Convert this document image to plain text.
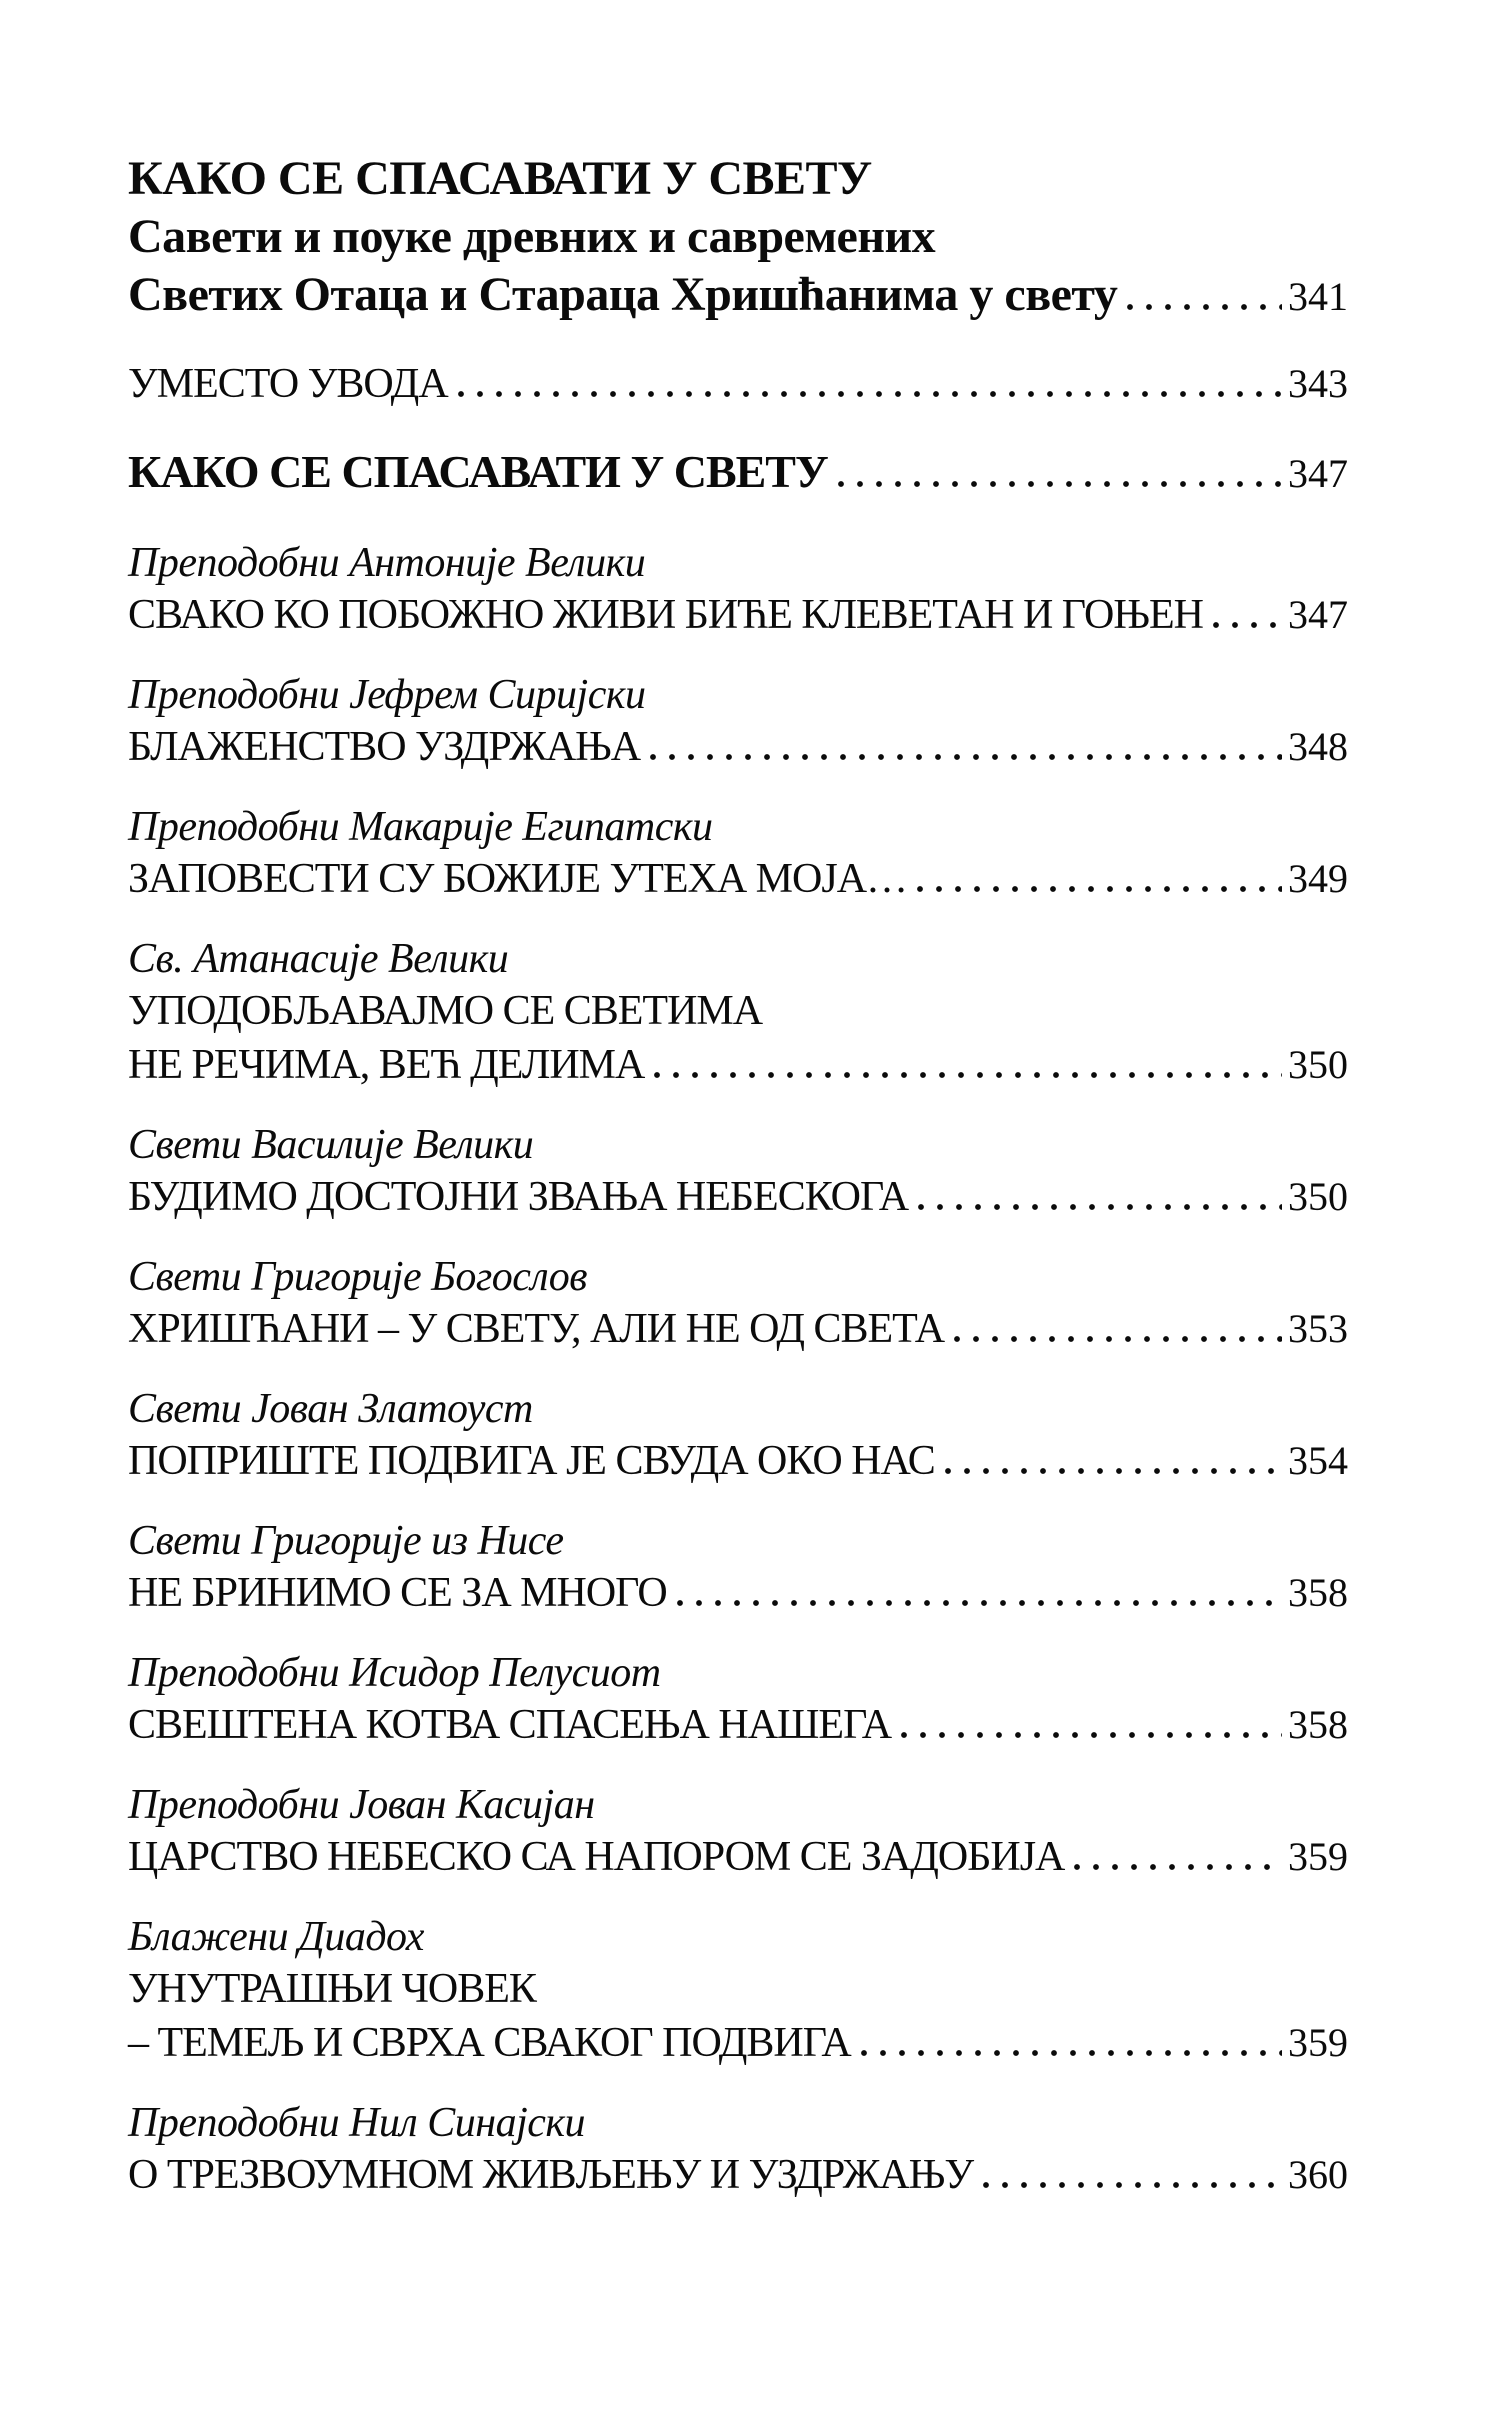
КАКО СЕ СПАСАВАТИ У СВЕТУ
Савети и поуке древних и савремених
Светих Отаца и Стараца Хришћанима у свету	341
УМЕСТО УВОДА	343
КАКО СЕ СПАСАВАТИ У СВЕТУ	347
Преподобни Антоније Велики
СВАКО КО ПОБОЖНО ЖИВИ БИЋЕ КЛЕВЕТАН И ГОЊЕН 347
Преподобни Јефрем Сиријски
БЛАЖЕНСТВО УЗДРЖАЊА	348
Преподобни Макарије Египатски
ЗАПОВЕСТИ СУ БОЖИЈЕ УТЕХА МОЈА…	349
Св. Атанасије Велики
УПОДОБЉАВАЈМО СЕ СВЕТИМА
НЕ РЕЧИМА, ВЕЋ ДЕЛИМА	350
Свети Василије Велики
БУДИМО ДОСТОЈНИ ЗВАЊА НЕБЕСКОГА	350
Свети Григорије Богослов
ХРИШЋАНИ – У СВЕТУ, АЛИ НЕ ОД СВЕТА	353
Свети Јован Златоуст
ПОПРИШТЕ ПОДВИГА ЈЕ СВУДА ОКО НАС	354
Свети Григорије из Нисе
НЕ БРИНИМО СЕ ЗА МНОГО	358
Преподобни Исидор Пелусиот
СВЕШТЕНА КОТВА СПАСЕЊА НАШЕГА	358
Преподобни Јован Касијан
ЦАРСТВО НЕБЕСКО СА НАПОРОМ СЕ ЗАДОБИЈА	359
Блажени Диадох
УНУТРАШЊИ ЧОВЕК
– ТЕМЕЉ И СВРХА СВАКОГ ПОДВИГА	359
Преподобни Нил Синајски
О ТРЕЗВОУМНОМ ЖИВЉЕЊУ И УЗДРЖАЊУ	360
